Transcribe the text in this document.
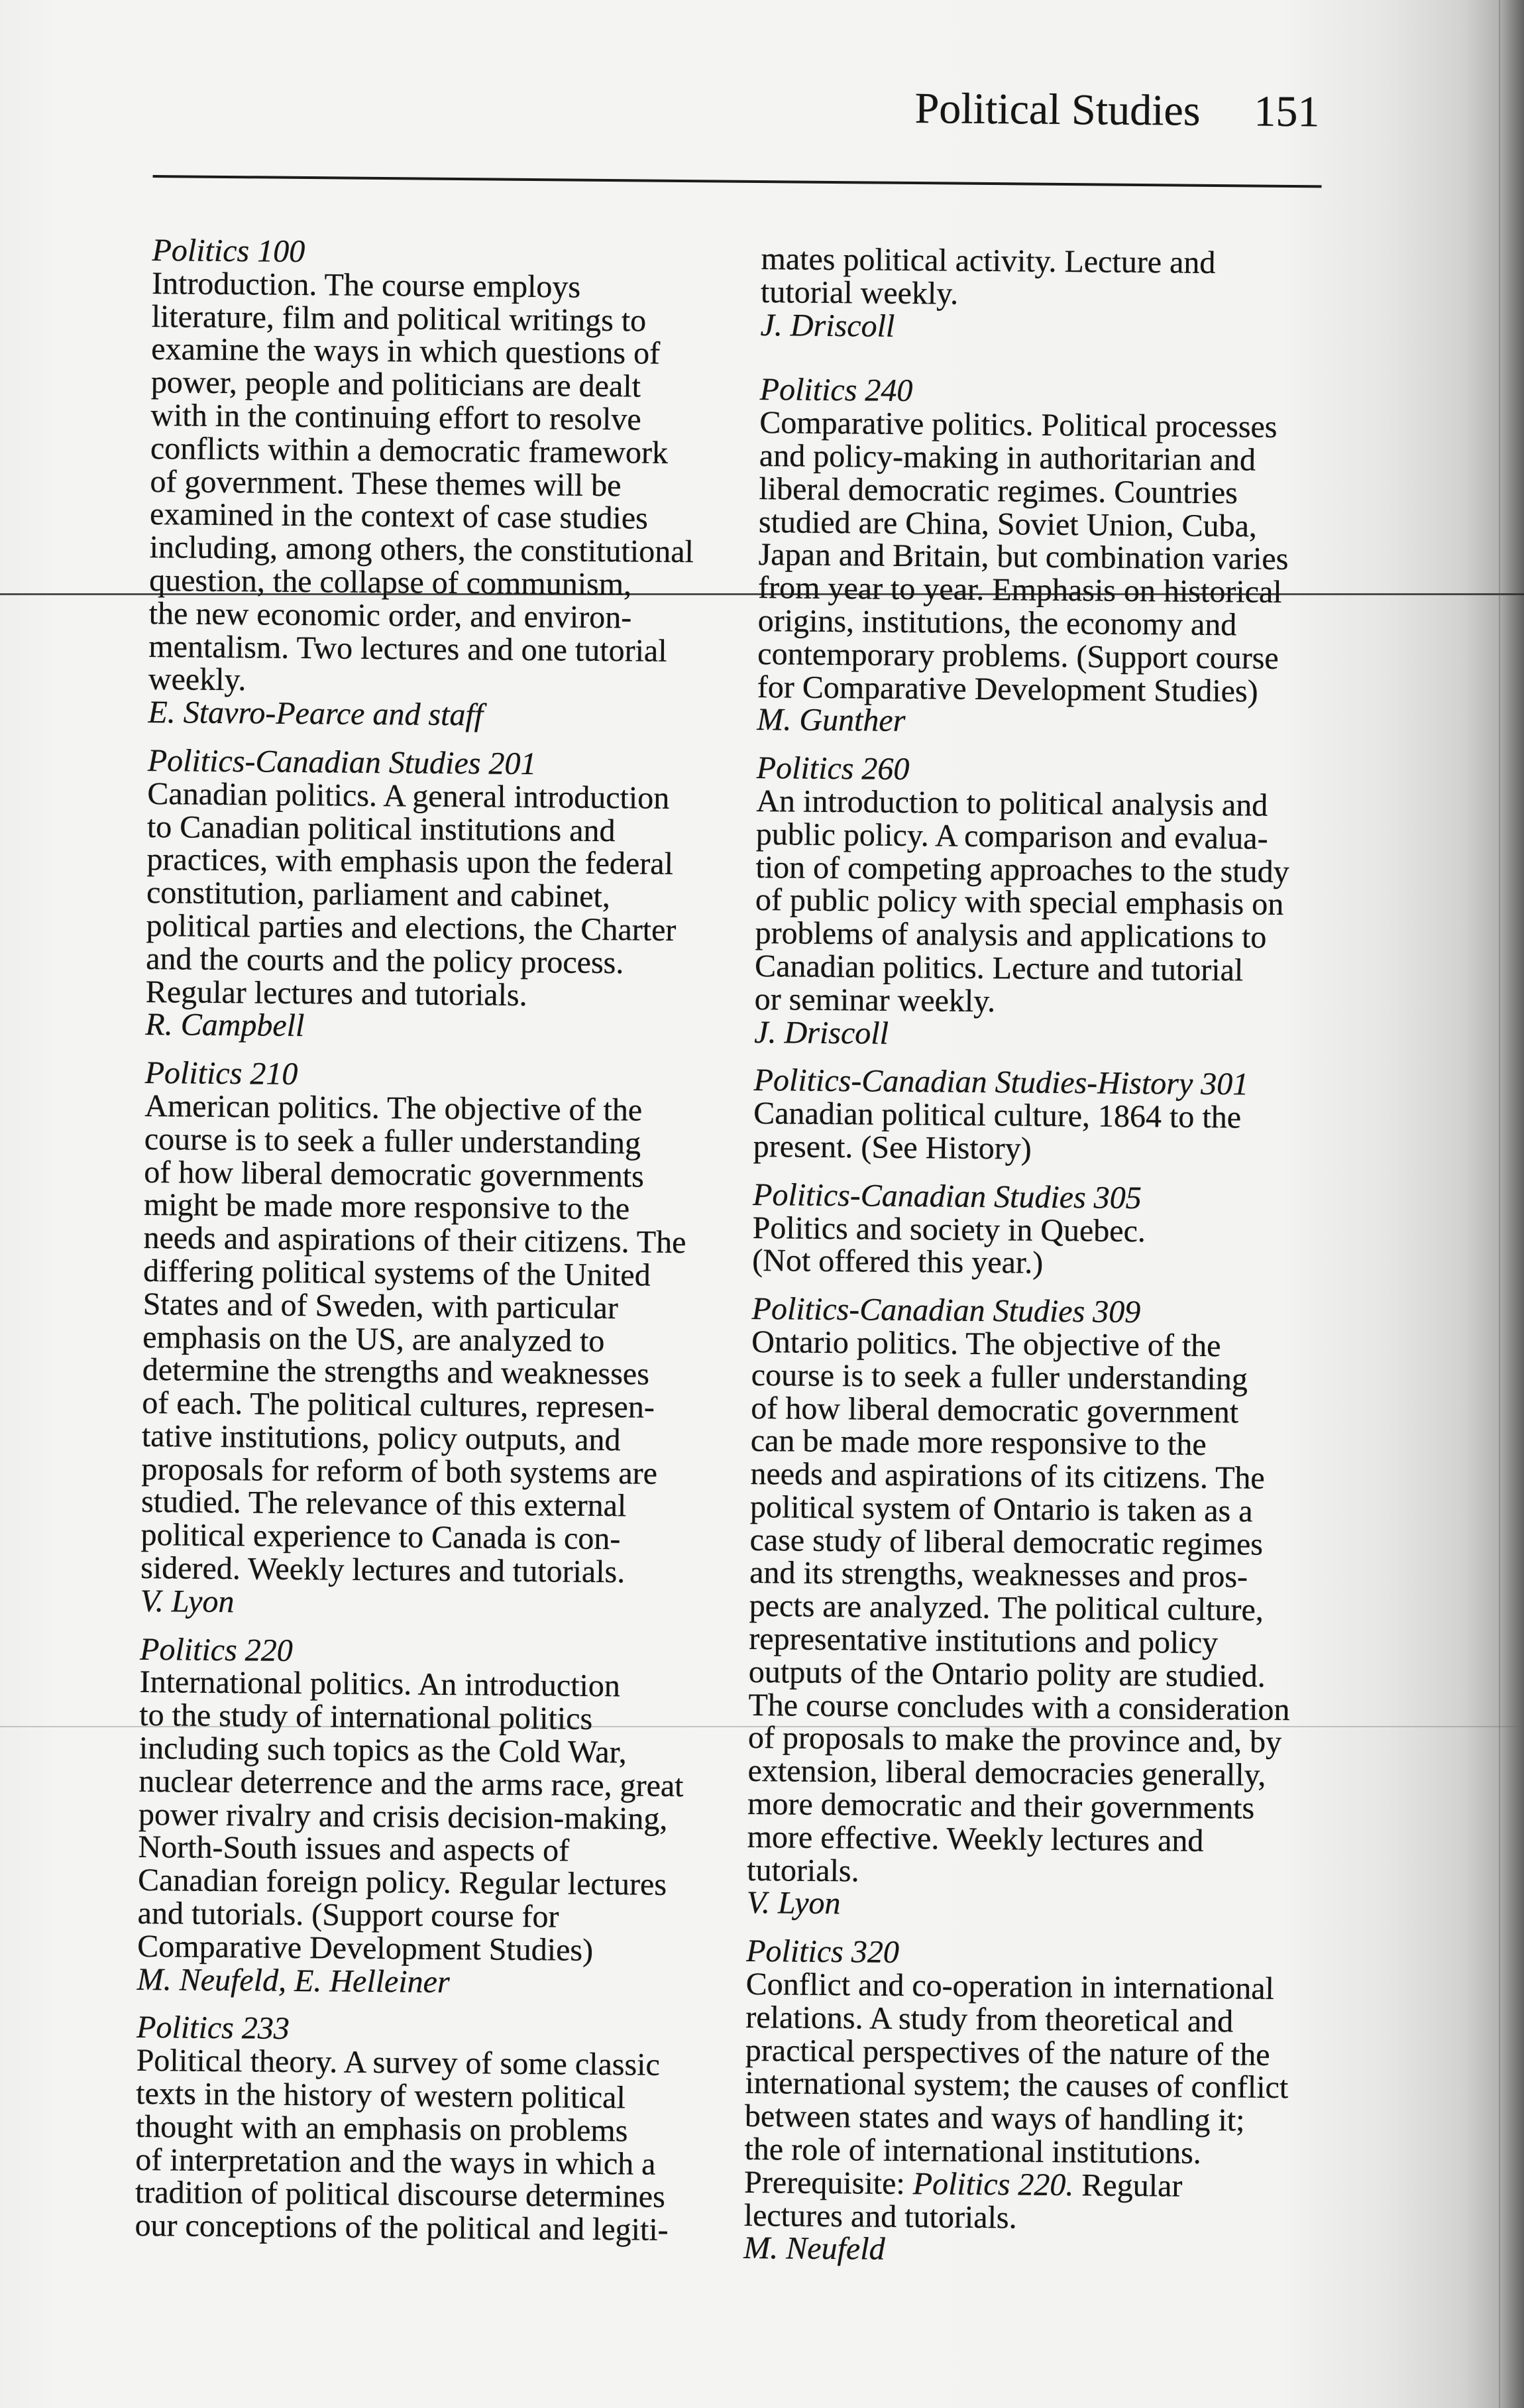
Political Studies 151
Politics 100
Introduction. The course employs
literature, film and political writings to
examine the ways in which questions of
power, people and politicians are dealt
with in the continuing effort to resolve
conflicts within a democratic framework
of government. These themes will be
examined in the context of case studies
including, among others, the constitutional
question, the collapse of communism,
the new economic order, and environ-
mentalism. Two lectures and one tutorial
weekly.
E. Stavro-Pearce and staff
Politics-Canadian Studies 201
Canadian politics. A general introduction
to Canadian political institutions and
practices, with emphasis upon the federal
constitution, parliament and cabinet,
political parties and elections, the Charter
and the courts and the policy process.
Regular lectures and tutorials.
R. Campbell
Politics 210
American politics. The objective of the
course is to seek a fuller understanding
of how liberal democratic governments
might be made more responsive to the
needs and aspirations of their citizens. The
differing political systems of the United
States and of Sweden, with particular
emphasis on the US, are analyzed to
determine the strengths and weaknesses
of each. The political cultures, represen-
tative institutions, policy outputs, and
proposals for reform of both systems are
studied. The relevance of this external
political experience to Canada is con-
sidered. Weekly lectures and tutorials.
V. Lyon
Politics 220
International politics. An introduction
to the study of international politics
including such topics as the Cold War,
nuclear deterrence and the arms race, great
power rivalry and crisis decision-making,
North-South issues and aspects of
Canadian foreign policy. Regular lectures
and tutorials. (Support course for
Comparative Development Studies)
M. Neufeld, E. Helleiner
Politics 233
Political theory. A survey of some classic
texts in the history of western political
thought with an emphasis on problems
of interpretation and the ways in which a
tradition of political discourse determines
our conceptions of the political and legiti-
mates political activity. Lecture and
tutorial weekly.
J. Driscoll
Politics 240
Comparative politics. Political processes
and policy-making in authoritarian and
liberal democratic regimes. Countries
studied are China, Soviet Union, Cuba,
Japan and Britain, but combination varies
from year to year. Emphasis on historical
origins, institutions, the economy and
contemporary problems. (Support course
for Comparative Development Studies)
M. Gunther
Politics 260
An introduction to political analysis and
public policy. A comparison and evalua-
tion of competing approaches to the study
of public policy with special emphasis on
problems of analysis and applications to
Canadian politics. Lecture and tutorial
or seminar weekly.
J. Driscoll
Politics-Canadian Studies-History 301
Canadian political culture, 1864 to the
present. (See History)
Politics-Canadian Studies 305
Politics and society in Quebec.
(Not offered this year.)
Politics-Canadian Studies 309
Ontario politics. The objective of the
course is to seek a fuller understanding
of how liberal democratic government
can be made more responsive to the
needs and aspirations of its citizens. The
political system of Ontario is taken as a
case study of liberal democratic regimes
and its strengths, weaknesses and pros-
pects are analyzed. The political culture,
representative institutions and policy
outputs of the Ontario polity are studied.
The course concludes with a consideration
of proposals to make the province and, by
extension, liberal democracies generally,
more democratic and their governments
more effective. Weekly lectures and
tutorials.
V. Lyon
Politics 320
Conflict and co-operation in international
relations. A study from theoretical and
practical perspectives of the nature of the
international system; the causes of conflict
between states and ways of handling it;
the role of international institutions.
Prerequisite: Politics 220. Regular
lectures and tutorials.
M. Neufeld
